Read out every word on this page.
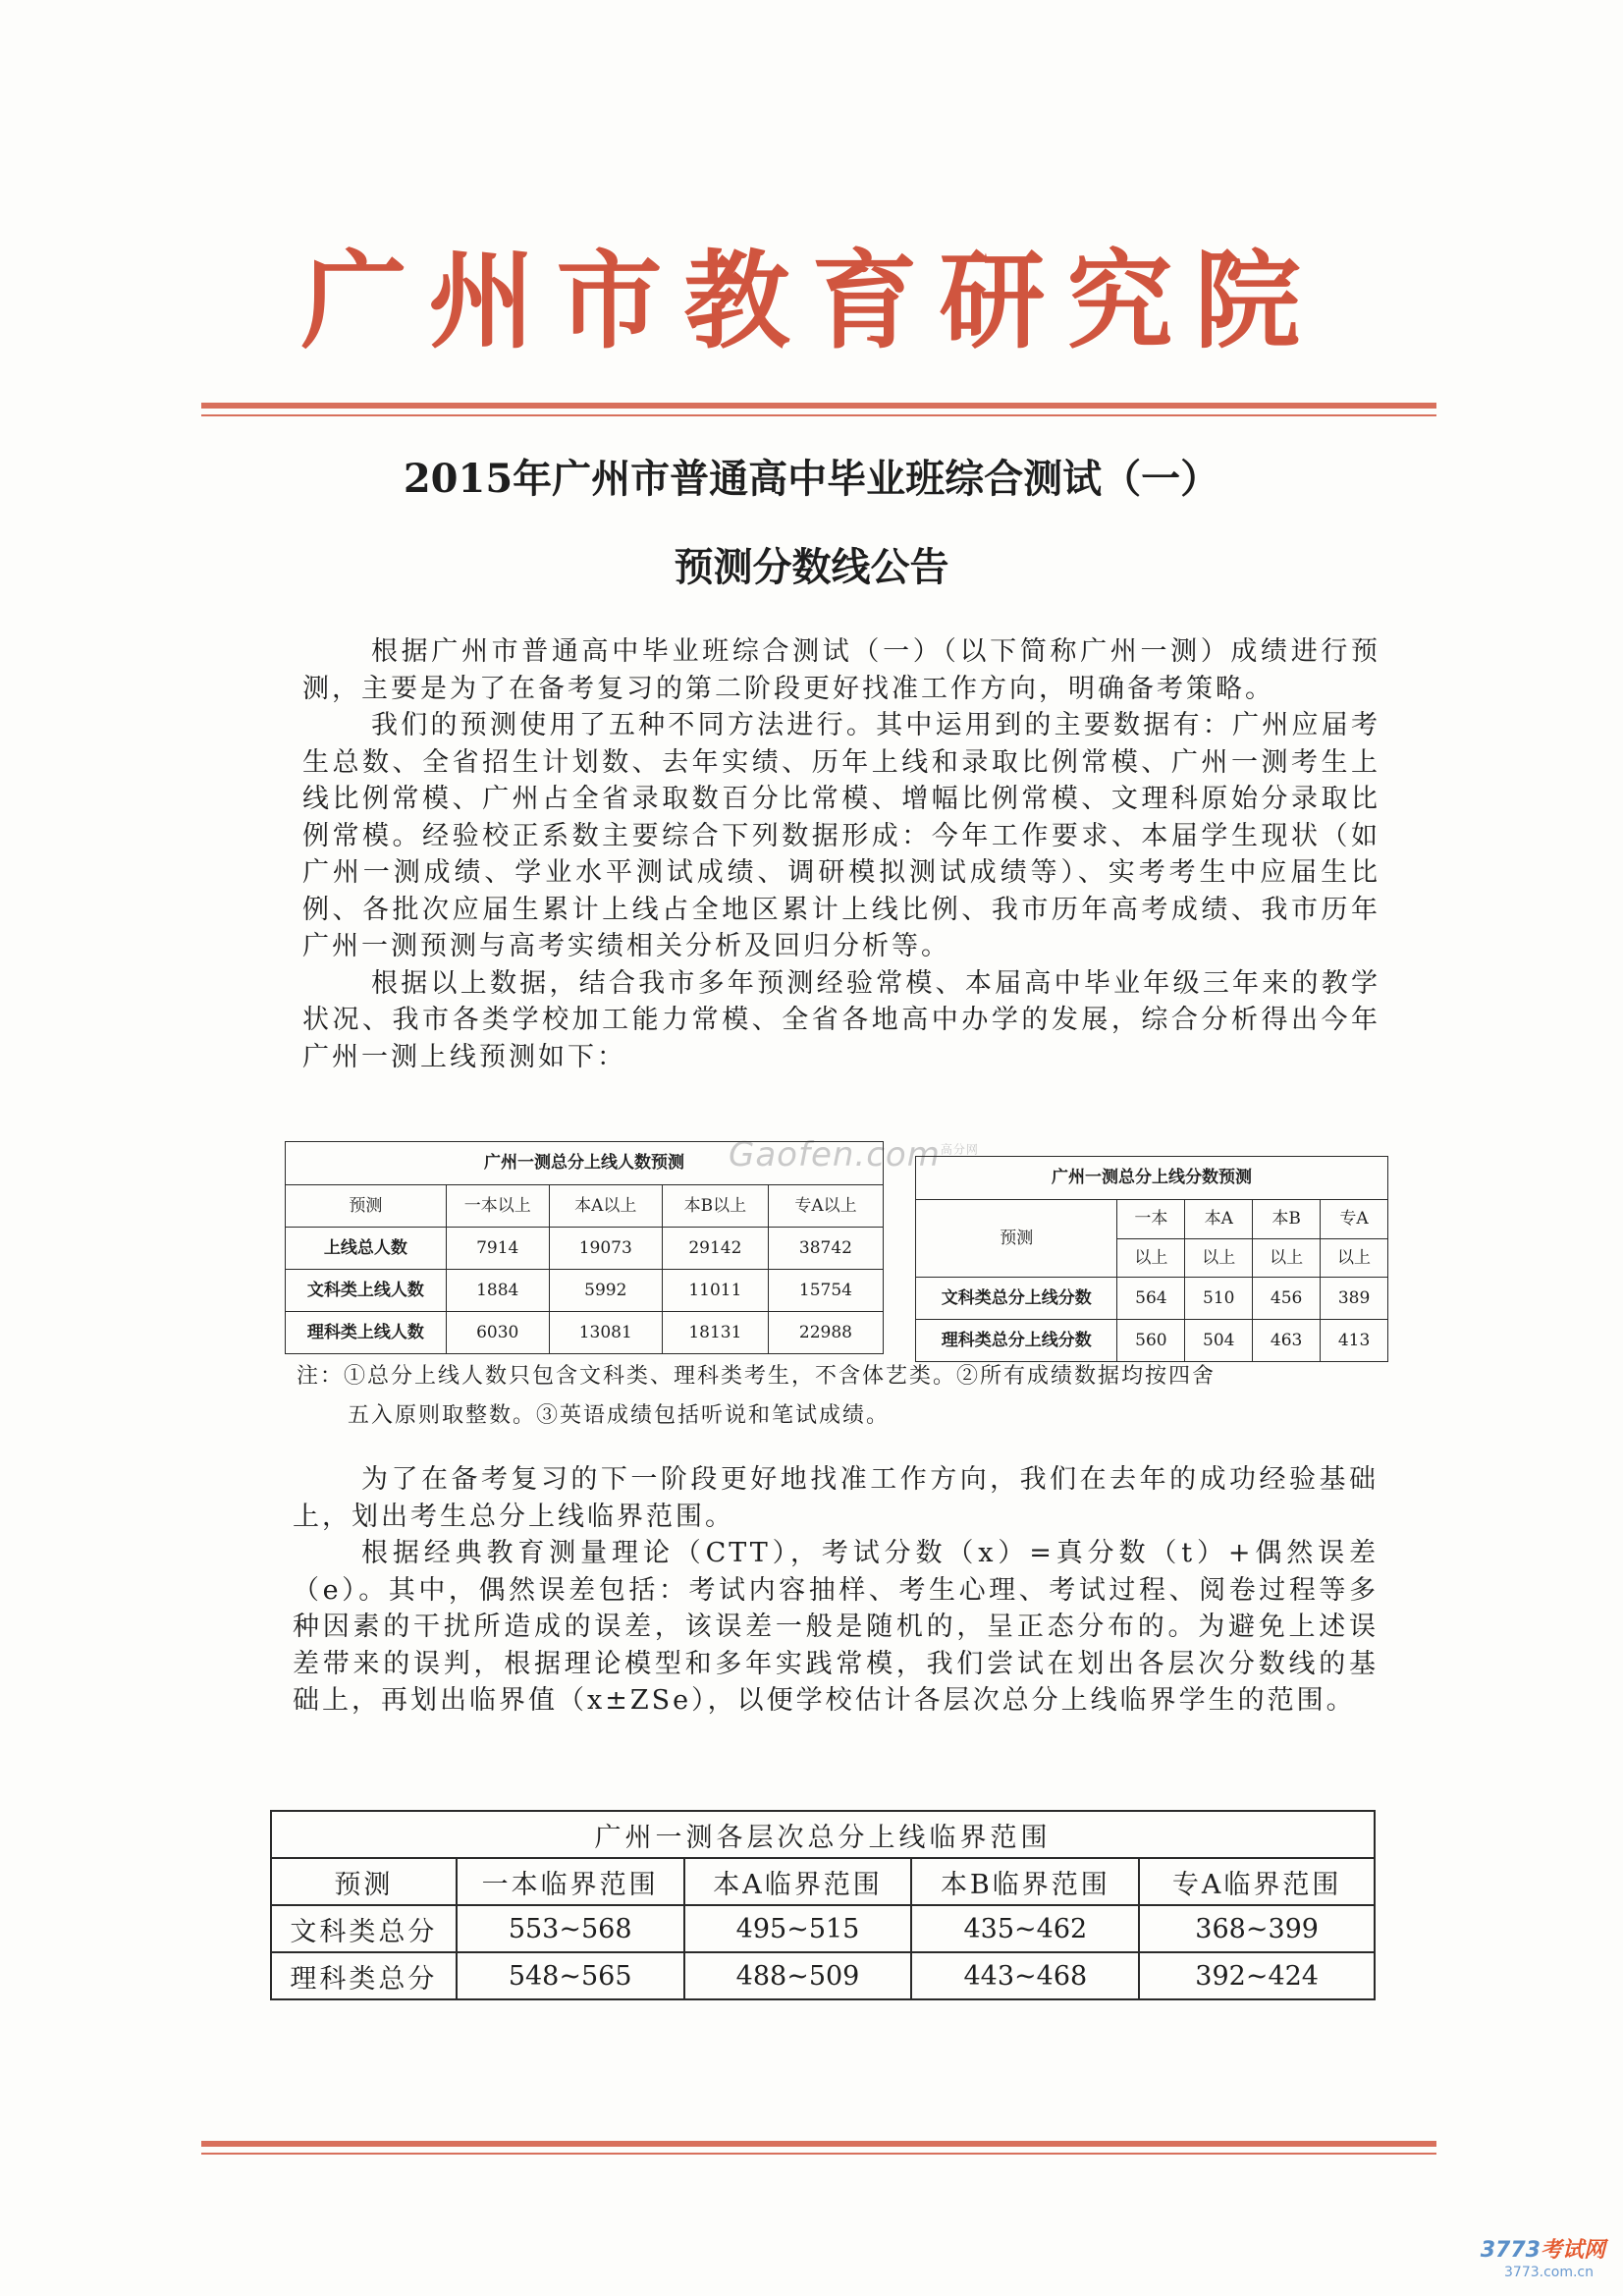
广州市教育研究院
2015年广州市普通高中毕业班综合测试（一）
预测分数线公告

根据广州市普通高中毕业班综合测试（一）（以下简称广州一测）成绩进行预测，主要是为了在备考复习的第二阶段更好找准工作方向，明确备考策略。

我们的预测使用了五种不同方法进行。其中运用到的主要数据有：广州应届考生总数、全省招生计划数、去年实绩、历年上线和录取比例常模、广州一测考生上线比例常模、广州占全省录取数百分比常模、增幅比例常模、文理科原始分录取比例常模。经验校正系数主要综合下列数据形成：今年工作要求、本届学生现状（如广州一测成绩、学业水平测试成绩、调研模拟测试成绩等）、实考考生中应届生比例、各批次应届生累计上线占全地区累计上线比例、我市历年高考成绩、我市历年广州一测预测与高考实绩相关分析及回归分析等。

根据以上数据，结合我市多年预测经验常模、本届高中毕业年级三年来的教学状况、我市各类学校加工能力常模、全省各地高中办学的发展，综合分析得出今年广州一测上线预测如下：

Gaofen.com$^{高分网}$
广州一测总分上线人数预测				
预测	一本以上	本A以上	本B以上	专A以上
上线总人数	7914	19073	29142	38742
文科类上线人数	1884	5992	11011	15754
理科类上线人数	6030	13081	18131	22988
广州一测总分上线分数预测				
预测	一本	本A	本B	专A
	以上	以上	以上	以上
文科类总分上线分数	564	510	456	389
理科类总分上线分数	560	504	463	413
注：①总分上线人数只包含文科类、理科类考生，不含体艺类。②所有成绩数据均按四舍
五入原则取整数。③英语成绩包括听说和笔试成绩。

为了在备考复习的下一阶段更好地找准工作方向，我们在去年的成功经验基础上，划出考生总分上线临界范围。

根据经典教育测量理论（CTT），考试分数（x）=真分数（t）+偶然误差（e）。其中，偶然误差包括：考试内容抽样、考生心理、考试过程、阅卷过程等多种因素的干扰所造成的误差，该误差一般是随机的，呈正态分布的。为避免上述误差带来的误判，根据理论模型和多年实践常模，我们尝试在划出各层次分数线的基础上，再划出临界值（x±ZSe），以便学校估计各层次总分上线临界学生的范围。

广州一测各层次总分上线临界范围				
预测	一本临界范围	本A临界范围	本B临界范围	专A临界范围
文科类总分	553~568	495~515	435~462	368~399
理科类总分	548~565	488~509	443~468	392~424
3773考试网
3773.com.cn
